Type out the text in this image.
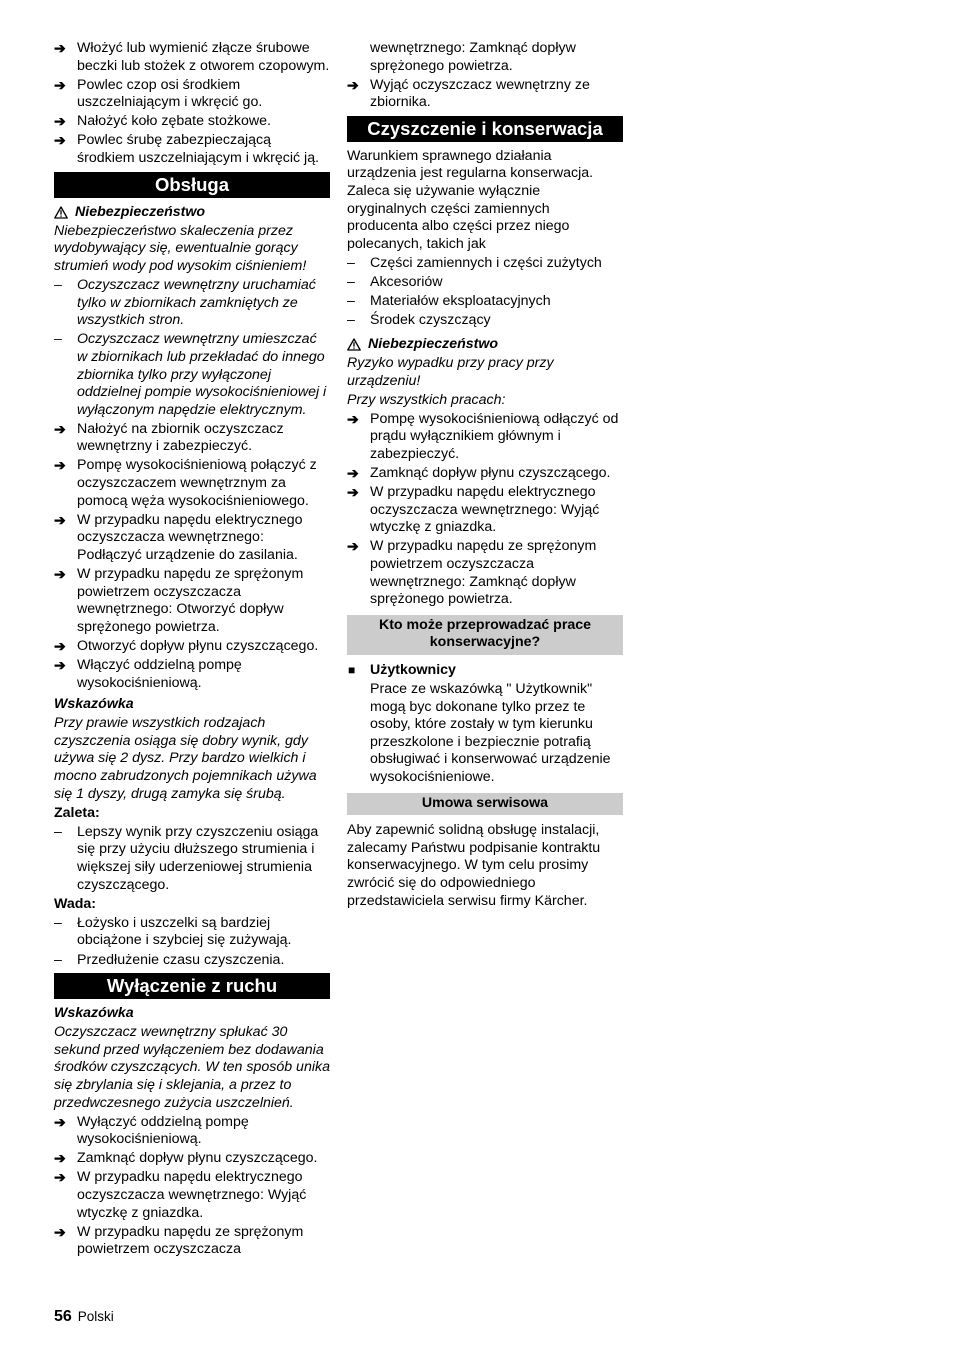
➔ Włożyć lub wymienić złącze śrubowe beczki lub stożek z otworem czopowym.
➔ Powlec czop osi środkiem uszczelniającym i wkręcić go.
➔ Nałożyć koło zębate stożkowe.
➔ Powlec śrubę zabezpieczającą środkiem uszczelniającym i wkręcić ją.
Obsługa
Niebezpieczeństwo
Niebezpieczeństwo skaleczenia przez wydobywający się, ewentualnie gorący strumień wody pod wysokim ciśnieniem!
– Oczyszczacz wewnętrzny uruchamiać tylko w zbiornikach zamkniętych ze wszystkich stron.
– Oczyszczacz wewnętrzny umieszczać w zbiornikach lub przekładać do innego zbiornika tylko przy wyłączonej oddzielnej pompie wysokociśnieniowej i wyłączonym napędzie elektrycznym.
➔ Nałożyć na zbiornik oczyszczacz wewnętrzny i zabezpieczyć.
➔ Pompę wysokociśnieniową połączyć z oczyszczaczem wewnętrznym za pomocą węża wysokociśnieniowego.
➔ W przypadku napędu elektrycznego oczyszczacza wewnętrznego: Podłączyć urządzenie do zasilania.
➔ W przypadku napędu ze sprężonym powietrzem oczyszczacza wewnętrznego: Otworzyć dopływ sprężonego powietrza.
➔ Otworzyć dopływ płynu czyszczącego.
➔ Włączyć oddzielną pompę wysokociśnieniową.
Wskazówka
Przy prawie wszystkich rodzajach czyszczenia osiąga się dobry wynik, gdy używa się 2 dysz. Przy bardzo wielkich i mocno zabrudzonych pojemnikach używa się 1 dyszy, drugą zamyka się śrubą.
Zaleta:
– Lepszy wynik przy czyszczeniu osiąga się przy użyciu dłuższego strumienia i większej siły uderzeniowej strumienia czyszczącego.
Wada:
– Łożysko i uszczelki są bardziej obciążone i szybciej się zużywają.
– Przedłużenie czasu czyszczenia.
Wyłączenie z ruchu
Wskazówka
Oczyszczacz wewnętrzny spłukać 30 sekund przed wyłączeniem bez dodawania środków czyszczących. W ten sposób unika się zbrylania się i sklejania, a przez to przedwczesnego zużycia uszczelnień.
➔ Wyłączyć oddzielną pompę wysokociśnieniową.
➔ Zamknąć dopływ płynu czyszczącego.
➔ W przypadku napędu elektrycznego oczyszczacza wewnętrznego: Wyjąć wtyczkę z gniazdka.
➔ W przypadku napędu ze sprężonym powietrzem oczyszczacza
wewnętrznego: Zamknąć dopływ sprężonego powietrza.
➔ Wyjąć oczyszczacz wewnętrzny ze zbiornika.
Czyszczenie i konserwacja
Warunkiem sprawnego działania urządzenia jest regularna konserwacja. Zaleca się używanie wyłącznie oryginalnych części zamiennych producenta albo części przez niego polecanych, takich jak
– Części zamiennych i części zużytych
– Akcesoriów
– Materiałów eksploatacyjnych
– Środek czyszczący
Niebezpieczeństwo
Ryzyko wypadku przy pracy przy urządzeniu!
Przy wszystkich pracach:
➔ Pompę wysokociśnieniową odłączyć od prądu wyłącznikiem głównym i zabezpieczyć.
➔ Zamknąć dopływ płynu czyszczącego.
➔ W przypadku napędu elektrycznego oczyszczacza wewnętrznego: Wyjąć wtyczkę z gniazdka.
➔ W przypadku napędu ze sprężonym powietrzem oczyszczacza wewnętrznego: Zamknąć dopływ sprężonego powietrza.
Kto może przeprowadzać prace konserwacyjne?
■ Użytkownicy
Prace ze wskazówką " Użytkownik" mogą byc dokonane tylko przez te osoby, które zostały w tym kierunku przeszkolone i bezpiecznie potrafią obsługiwać i konserwować urządzenie wysokociśnieniowe.
Umowa serwisowa
Aby zapewnić solidną obsługę instalacji, zalecamy Państwu podpisanie kontraktu konserwacyjnego. W tym celu prosimy zwrócić się do odpowiedniego przedstawiciela serwisu firmy Kärcher.
56 Polski
